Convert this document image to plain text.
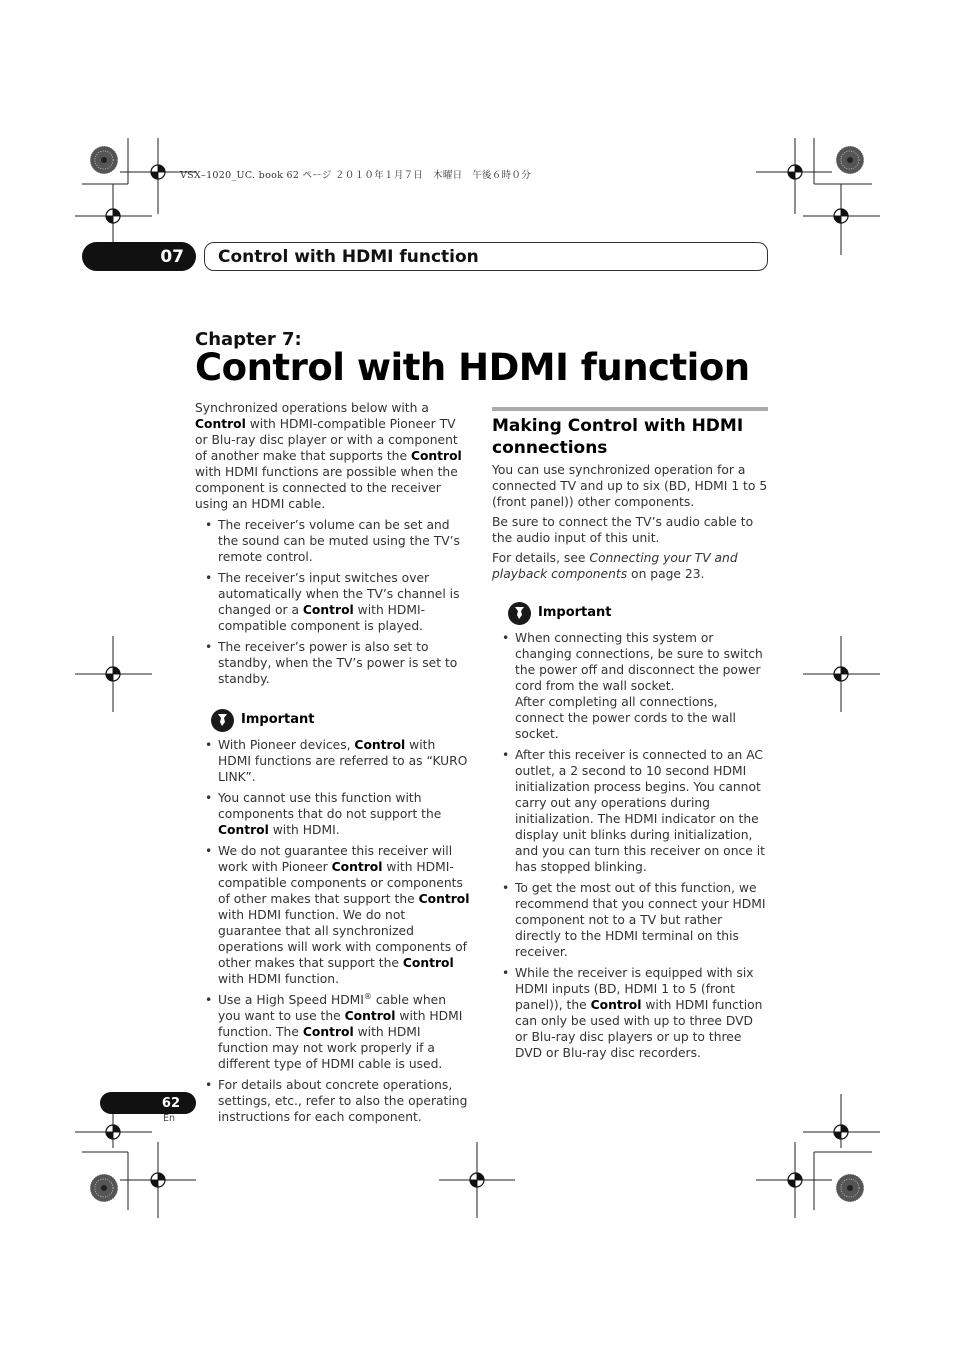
VSX–1020_UC. book 62 ページ ２０１０年１月７日　木曜日　午後６時０分
07 Control with HDMI function
Chapter 7:
Control with HDMI function

Synchronized operations below with a Control with HDMI-compatible Pioneer TV or Blu-ray disc player or with a component of another make that supports the Control with HDMI functions are possible when the component is connected to the receiver using an HDMI cable.

• The receiver’s volume can be set and the sound can be muted using the TV’s remote control.
• The receiver’s input switches over automatically when the TV’s channel is changed or a Control with HDMI-compatible component is played.
• The receiver’s power is also set to standby, when the TV’s power is set to standby.
Important
• With Pioneer devices, Control with HDMI functions are referred to as “KURO LINK”.
• You cannot use this function with components that do not support the Control with HDMI.
• We do not guarantee this receiver will work with Pioneer Control with HDMI-compatible components or components of other makes that support the Control with HDMI function. We do not guarantee that all synchronized operations will work with components of other makes that support the Control with HDMI function.
• Use a High Speed HDMI® cable when you want to use the Control with HDMI function. The Control with HDMI function may not work properly if a different type of HDMI cable is used.
• For details about concrete operations, settings, etc., refer to also the operating instructions for each component.
Making Control with HDMI connections

You can use synchronized operation for a connected TV and up to six (BD, HDMI 1 to 5 (front panel)) other components.

Be sure to connect the TV’s audio cable to the audio input of this unit.

For details, see Connecting your TV and playback components on page 23.

Important
• When connecting this system or changing connections, be sure to switch the power off and disconnect the power cord from the wall socket.
After completing all connections, connect the power cords to the wall socket.
• After this receiver is connected to an AC outlet, a 2 second to 10 second HDMI initialization process begins. You cannot carry out any operations during initialization. The HDMI indicator on the display unit blinks during initialization, and you can turn this receiver on once it has stopped blinking.
• To get the most out of this function, we recommend that you connect your HDMI component not to a TV but rather directly to the HDMI terminal on this receiver.
• While the receiver is equipped with six HDMI inputs (BD, HDMI 1 to 5 (front panel)), the Control with HDMI function can only be used with up to three DVD or Blu-ray disc players or up to three DVD or Blu-ray disc recorders.
62
En
